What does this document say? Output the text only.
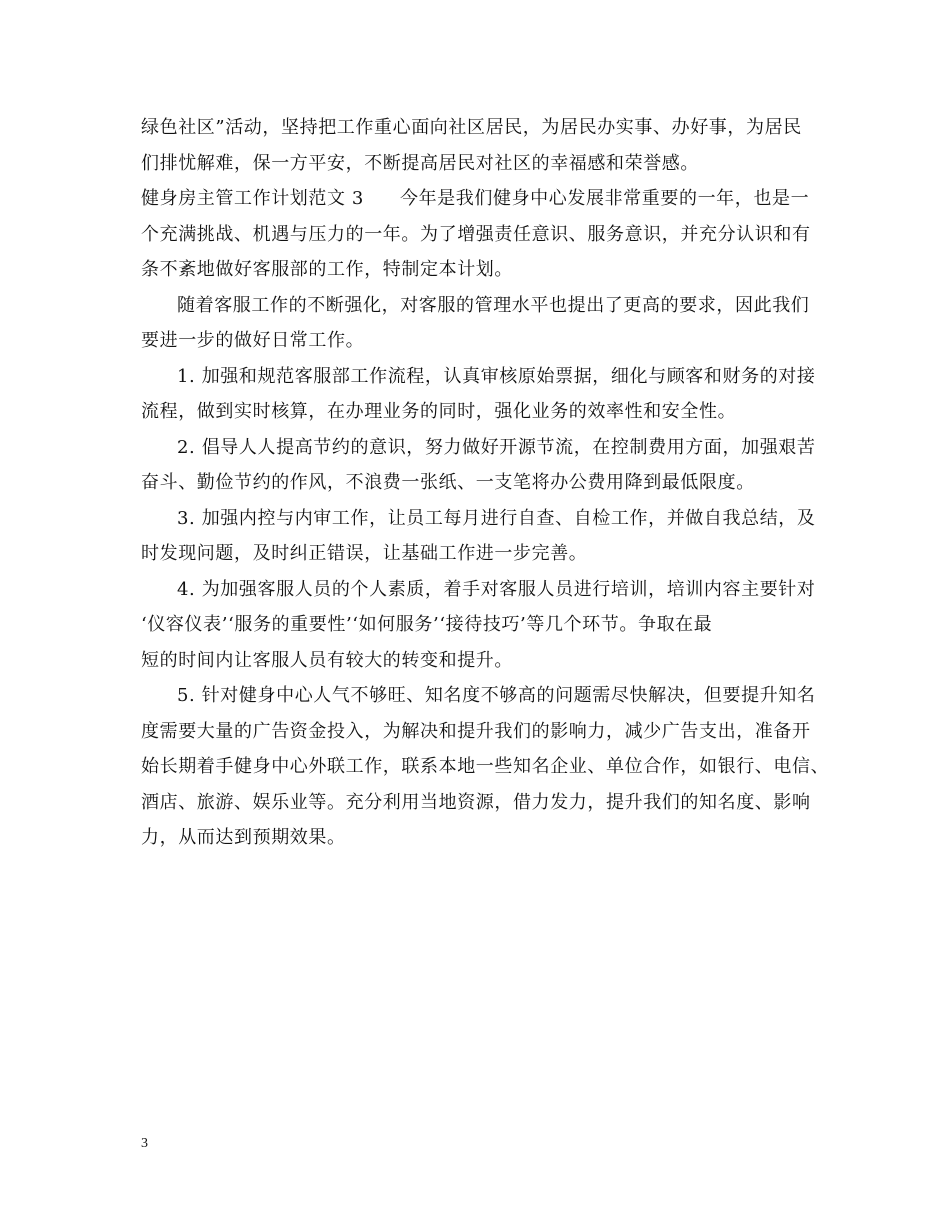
绿色社区”活动，坚持把工作重心面向社区居民，为居民办实事、办好事，为居民
们排忧解难，保一方平安，不断提高居民对社区的幸福感和荣誉感。
健身房主管工作计划范文 3 今年是我们健身中心发展非常重要的一年，也是一
个充满挑战、机遇与压力的一年。为了增强责任意识、服务意识，并充分认识和有
条不紊地做好客服部的工作，特制定本计划。
随着客服工作的不断强化，对客服的管理水平也提出了更高的要求，因此我们
要进一步的做好日常工作。
1. 加强和规范客服部工作流程，认真审核原始票据，细化与顾客和财务的对接
流程，做到实时核算，在办理业务的同时，强化业务的效率性和安全性。
2. 倡导人人提高节约的意识，努力做好开源节流，在控制费用方面，加强艰苦
奋斗、勤俭节约的作风，不浪费一张纸、一支笔将办公费用降到最低限度。
3. 加强内控与内审工作，让员工每月进行自查、自检工作，并做自我总结，及
时发现问题，及时纠正错误，让基础工作进一步完善。
4. 为加强客服人员的个人素质，着手对客服人员进行培训，培训内容主要针对
‘仪容仪表’‘服务的重要性’‘如何服务’‘接待技巧’等几个环节。争取在最
短的时间内让客服人员有较大的转变和提升。
5. 针对健身中心人气不够旺、知名度不够高的问题需尽快解决，但要提升知名
度需要大量的广告资金投入，为解决和提升我们的影响力，减少广告支出，准备开
始长期着手健身中心外联工作，联系本地一些知名企业、单位合作，如银行、电信、
酒店、旅游、娱乐业等。充分利用当地资源，借力发力，提升我们的知名度、影响
力，从而达到预期效果。
3
